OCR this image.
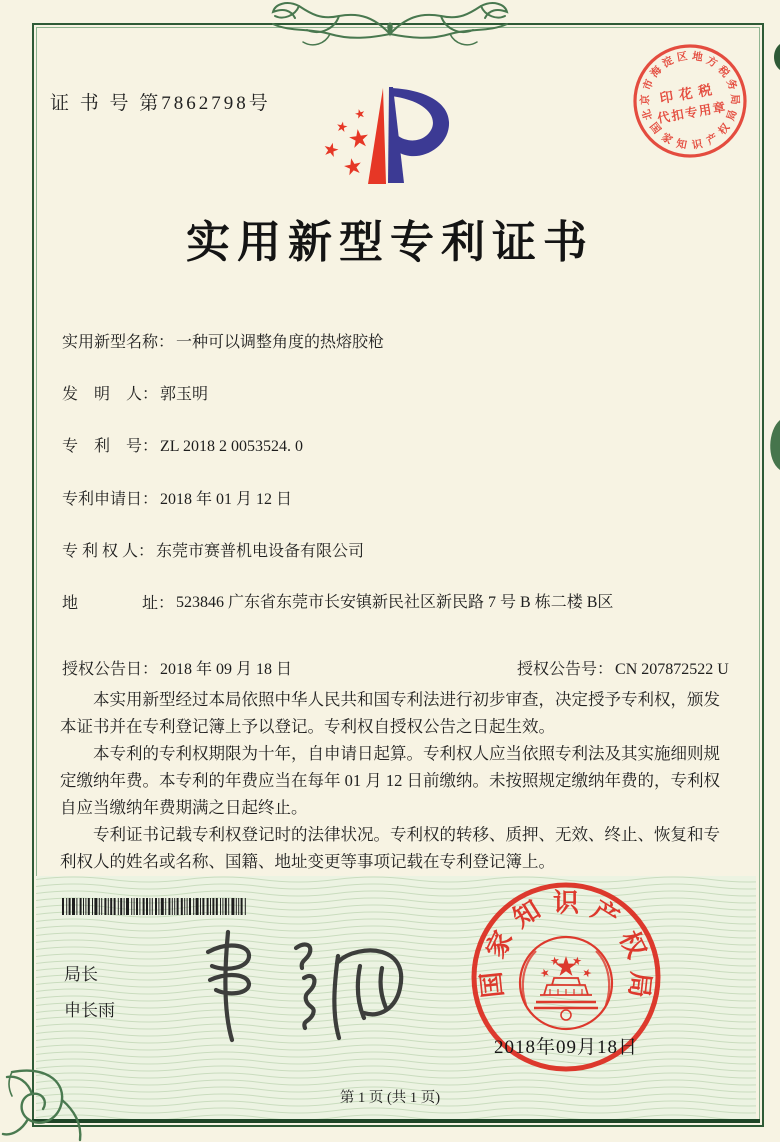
证 书 号 第7862798号
实用新型专利证书
实用新型名称： 一种可以调整角度的热熔胶枪
发　明　人： 郭玉明
专　利　号： ZL 2018 2 0053524. 0
专利申请日： 2018 年 01 月 12 日
专 利 权 人： 东莞市赛普机电设备有限公司
地　　　　址： 523846 广东省东莞市长安镇新民社区新民路 7 号 B 栋二楼 B区
授权公告日： 2018 年 09 月 18 日	授权公告号： CN 207872522 U

本实用新型经过本局依照中华人民共和国专利法进行初步审查，决定授予专利权，颁发本证书并在专利登记簿上予以登记。专利权自授权公告之日起生效。

本专利的专利权期限为十年，自申请日起算。专利权人应当依照专利法及其实施细则规定缴纳年费。本专利的年费应当在每年 01 月 12 日前缴纳。未按照规定缴纳年费的，专利权自应当缴纳年费期满之日起终止。

专利证书记载专利权登记时的法律状况。专利权的转移、质押、无效、终止、恢复和专利权人的姓名或名称、国籍、地址变更等事项记载在专利登记簿上。

局长
申长雨
国
家
知 识 产
权
局
2018年09月18日
北
京
市
海
淀 区 地 方
税
务
局
国
家 知 识 产
权
局
印花税
代扣专用章
第 1 页 (共 1 页)
